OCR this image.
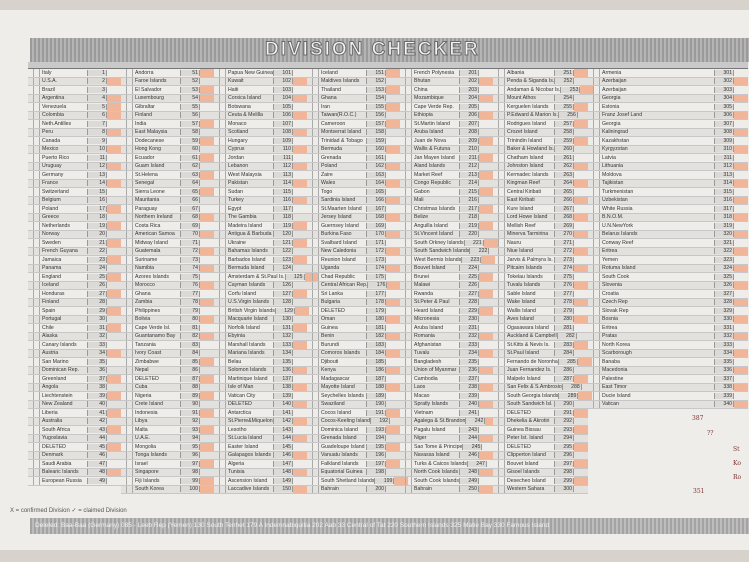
DIVISION CHECKER
Italy	1
U.S.A.	2
Brazil	3
Argentina	4
Venezuela	5
Colombia	6
Neth.Antilles	7
Peru	8
Canada	9
Mexico	10
Puerto Rico	11
Uruguay	12
Germany	13
France	14
Switzerland	15
Belgium	16
Poland	17
Greece	18
Netherlands	19
Norway	20
Sweden	21
French Guyana	22
Jamaica	23
Panama	24
England	25
Iceland	26
Honduras	27
Finland	28
Spain	29
Portugal	30
Chile	31
Alaska	32
Canary Islands	33
Austria	34
San Marino	35
Dominican Rep.	36
Greenland	37
Angola	38
Liechtenstein	39
New Zealand	40
Liberia	41
Australia	42
South Africa	43
Yugoslavia	44
DELETED	45
Denmark	46
Saudi Arabia	47
Balearic Islands	48
European Russia	49
Andorra	51
Faroe Islands	52
El Salvador	53
Luxembourg	54
Gibraltar	55
Finland	56
India	57
East Malaysia	58
Dodecanese	59
Hong Kong	60
Ecuador	61
Guam Island	62
St.Helena	63
Senegal	64
Sierra Leone	65
Mauritania	66
Paraguay	67
Northern Ireland	68
Costa Rica	69
American Samoa	70
Midway Island	71
Guatemala	72
Suriname	73
Namibia	74
Azores Islands	75
Morocco	76
Ghana	77
Zambia	78
Philippines	79
Bolivia	80
Cape Verde Isl.	81
Guantanamo Bay	82
Tanzania	83
Ivory Coast	84
Zimbabwe	85
Nepal	86
DELETED	87
Cuba	88
Nigeria	89
Crete Island	90
Indonesia	91
Libya	92
Malta	93
U.A.E.	94
Mongolia	95
Tonga Islands	96
Israel	97
Singapore	98
Fiji Islands	99
South Korea	100
Papua New Guinea	101
Kuwait	102
Haiti	103
Corsica Island	104
Botswana	105
Ceuta & Melilla	106
Monaco	107
Scotland	108
Hungary	109
Cyprus	110
Jordan	111
Lebanon	112
West Malaysia	113
Pakistan	114
Sudan	115
Turkey	116
Egypt	117
The Gambia	118
Madeira Island	119
Antigua & Barbuda	120
Ukraine	121
Bahamas Islands	122
Barbados Island	123
Bermuda Island	124
Amsterdam & St.Paul Is.	125
Cayman Islands	126
Corfu Island	127
U.S.Virgin Islands	128
British Virgin Islands	129
Macquarie Island	130
Norfolk Island	131
Ebyinia	132
Marshall Islands	133
Mariana Islands	134
Belau	135
Solomon Islands	136
Martinique Island	137
Isle of Man	138
Vatican City	139
DELETED	140
Antarctica	141
St.Pierre&Miquelon	142
Lesotho	143
St.Lucia Island	144
Easter Island	145
Galapagos Islands	146
Algeria	147
Tunisia	148
Ascension Island	149
Laccadive Islands	150
Iceland	151
Maldives Islands	152
Thailand	153
Ghana	154
Iran	155
Taiwan(R.O.C.)	156
Cameroon	157
Montserrat Island	158
Trinidad & Tobago	159
Bermuda	160
Grenada	161
Poland	162
Zaire	163
Wales	164
Togo	165
Sardinia Island	166
St.Maarten Island	167
Jersey Island	168
Guernsey Island	169
Burkina Faso	170
Svalbard Island	171
New Caledonia	172
Reunion Island	173
Uganda	174
Chad Republic	175
Central African Rep.	176
Sri Lanka	177
Bulgaria	178
DELETED	179
Oman	180
Guinea	181
Benin	182
Burundi	183
Comoros Islands	184
Djibouti	185
Kenya	186
Madagascar	187
Mayotte Island	188
Seychelles Islands	189
Swaziland	190
Cocos Island	191
Cocos-Keeling Island	192
Dominica Island	193
Grenada Island	194
Guadeloupe Island	195
Vanuatu Islands	196
Falkland Islands	197
Equatorial Guinea	198
South Shetland Islands	199
Bahrain	200
French Polynesia	201
Bhutan	202
China	203
Mozambique	204
Cape Verde Rep.	205
Ethiopia	206
St.Martin Island	207
Aruba Island	208
Juan de Nova	209
Wallis & Futuna	210
Jan Mayen Island	211
Aland Islands	212
Market Reef	213
Congo Republic	214
Gabon	215
Mali	216
Christmas Islands	217
Belize	218
Anguilla Island	219
St.Vincent Island	220
South Orkney Islands	221
South Sandwich Islands	222
West Bermis Islands	223
Bouvet Island	224
Brunei	225
Malawi	226
Rwanda	227
St.Peter & Paul	228
Heard Island	229
Micronesia	230
Aruba Island	231
Romania	232
Afghanistan	233
Tuvalu	234
Bangladesh	235
Union of Myanmar	236
Cambodia	237
Laos	238
Macao	239
Spratly Islands	240
Vietnam	241
Agalega & St.Brandon	242
Pagalu Island	243
Niger	244
Sao Tome & Principe	245
Navassa Island	246
Turks & Caicos Islands	247
North Cook Islands	248
South Cook Islands	249
Bahrain	250
Albania	251
Penda & Siganda Is.	252
Andaman & Nicobar Is.	253
Mount Athos	254
Kerguelen Islands	255
P.Edward & Marion Is.	256
Rodrigues Island	257
Crozet Island	258
Trinindin Island	259
Baker & Howland Is.	260
Chatham Island	261
Johnston Island	262
Kermadec Islands	263
Kingman Reef	264
Central Kiribati	265
East Kiribati	266
Kure Island	267
Lord Howe Island	268
Mellish Reef	269
Minerva Tarmirina	270
Nauru	271
Niue Island	272
Jarvis & Palmyra Is.	273
Pitcairn Islands	274
Tokelau Islands	275
Tuvalu Islands	276
Sable Island	277
Wake Island	278
Wallis Island	279
Aves Island	280
Ogasawara Island	281
Auckland & Campbell	282
St.Kitts & Nevis Is.	283
St.Paul Island	284
Fernando de Noronha	285
Juan Fernandez Is.	286
Malpelo Island	287
San Felix & S.Ambrosio	288
South Georgia Islands	289
South Sandwich Isl.	290
DELETED	291
Dhekelia & Akrotiri	292
Guinea Bissau	293
Peter Ist. Island	294
DELETED	295
Clipperton Island	296
Bouvet Island	297
Gisoel Islands	298
Desecheo Island	299
Western Sahara	300
Armenia	301
Azerbaijan	302
Azerbaijan	303
Georgia	304
Estonia	305
Franz Josef Land	306
Georgia	307
Kaliningrad	308
Kazakhstan	309
Kyrgyzstan	310
Latvia	311
Lithuania	312
Moldova	313
Tajikistan	314
Turkmenistan	315
Uzbekistan	316
White Russia	317
B.N.O.M.	318
U.N.NewYork	319
Belarus Islands	320
Conway Reef	321
Eritrea	322
Yemen	323
Rotuma Island	324
South Cook	325
Slovenia	326
Croatia	327
Czech Rep	328
Slovak Rep	329
Bosnia	330
Eritrea	331
Pratas	332
North Korea	333
Scarborough	334
Banaba	335
Macedonia	336
Palestine	337
East Timor	338
Ducie Island	339
Vatican	340
X = confirmed Division ✓ = claimed Division
Deleted: Baa-Baa (Germany) 085 - Leeb Rep (Yemen) 130 South Tenhet 179 A Indemnabiquitia 202 Aab 33 Central of Tat 220 Southern Islands 325 Matie Bay 330 Famous Island
387
??
St
Ko
Ro
351
